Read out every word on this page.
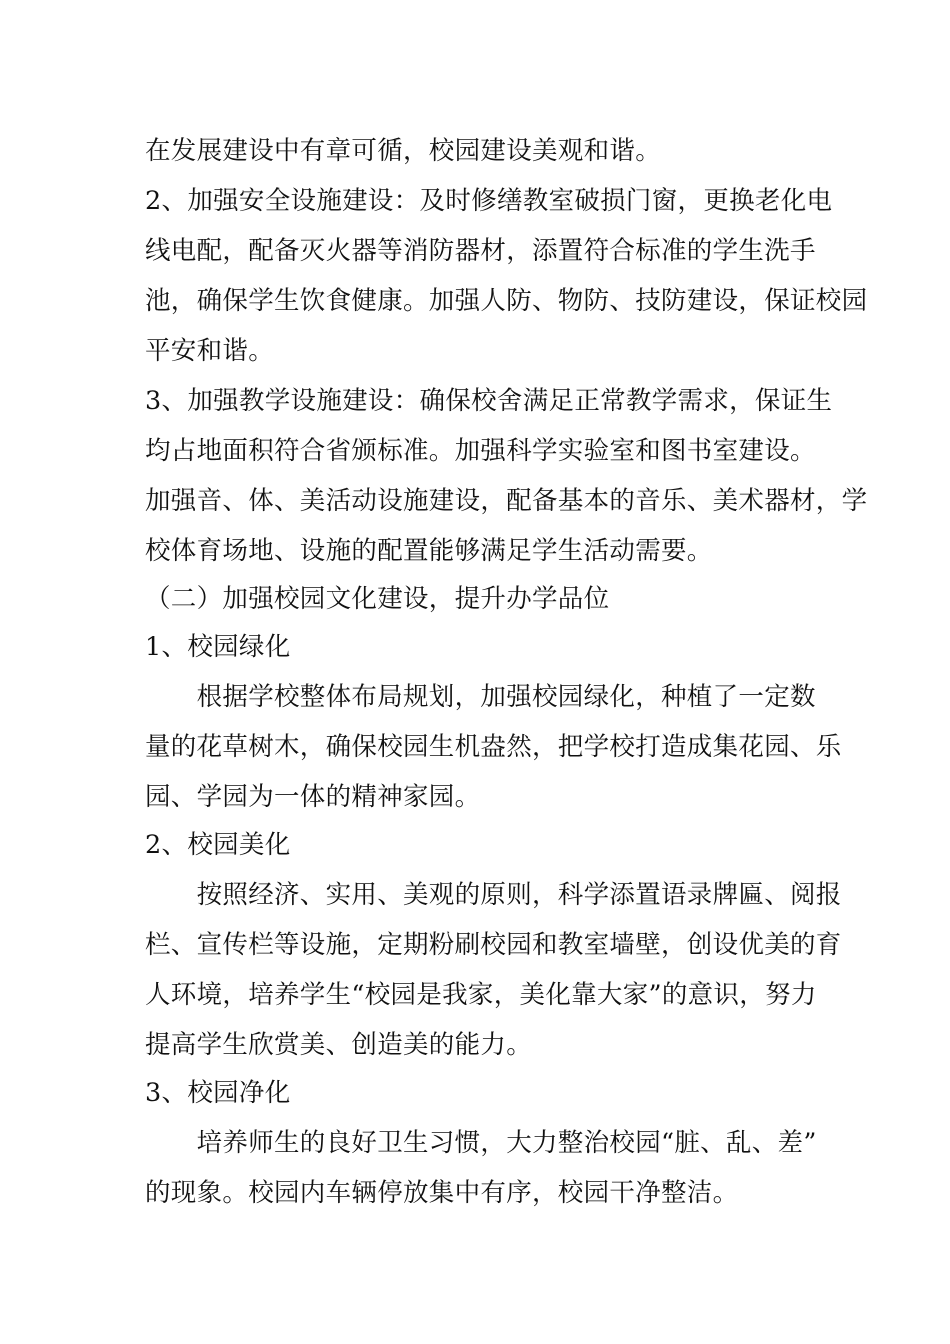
在发展建设中有章可循，校园建设美观和谐。
2、加强安全设施建设：及时修缮教室破损门窗，更换老化电
线电配，配备灭火器等消防器材，添置符合标准的学生洗手
池，确保学生饮食健康。加强人防、物防、技防建设，保证校园
平安和谐。
3、加强教学设施建设：确保校舍满足正常教学需求，保证生
均占地面积符合省颁标准。加强科学实验室和图书室建设。
加强音、体、美活动设施建设，配备基本的音乐、美术器材，学
校体育场地、设施的配置能够满足学生活动需要。
（二）加强校园文化建设，提升办学品位
1、校园绿化
　　根据学校整体布局规划，加强校园绿化，种植了一定数
量的花草树木，确保校园生机盎然，把学校打造成集花园、乐
园、学园为一体的精神家园。
2、校园美化
　　按照经济、实用、美观的原则，科学添置语录牌匾、阅报
栏、宣传栏等设施，定期粉刷校园和教室墙壁，创设优美的育
人环境，培养学生“校园是我家，美化靠大家”的意识，努力
提高学生欣赏美、创造美的能力。
3、校园净化
　　培养师生的良好卫生习惯，大力整治校园“脏、乱、差”
的现象。校园内车辆停放集中有序，校园干净整洁。
